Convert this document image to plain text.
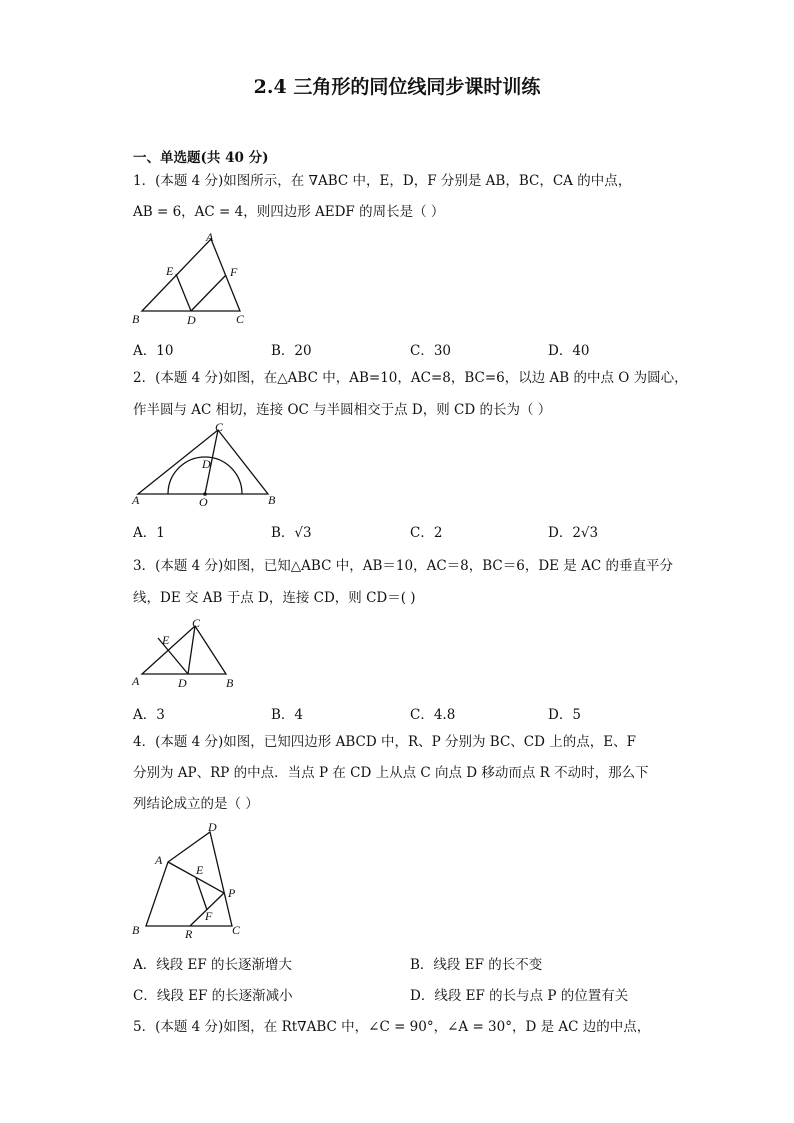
2.4 三角形的同位线同步课时训练
一、单选题(共 40 分)
1．(本题 4 分)如图所示，在 ∇ABC 中，E，D，F 分别是 AB，BC，CA 的中点，
AB = 6，AC = 4，则四边形 AEDF 的周长是（ ）
A
E	F
B	D	C
A．10	B．20	C．30	D．40
2．(本题 4 分)如图，在△ABC 中，AB=10，AC=8，BC=6，以边 AB 的中点 O 为圆心，
作半圆与 AC 相切，连接 OC 与半圆相交于点 D，则 CD 的长为（ ）
C
D
A	O	B
A．1	B．√3	C．2	D．2√3
3．(本题 4 分)如图，已知△ABC 中，AB＝10，AC＝8，BC＝6，DE 是 AC 的垂直平分
线，DE 交 AB 于点 D，连接 CD，则 CD＝( )
C
E
A	D	B
A．3	B．4	C．4.8	D．5
4．(本题 4 分)如图，已知四边形 ABCD 中，R、P 分别为 BC、CD 上的点，E、F
分别为 AP、RP 的中点．当点 P 在 CD 上从点 C 向点 D 移动而点 R 不动时，那么下
列结论成立的是（ ）
D
A
E
P
F
B	R	C
A．线段 EF 的长逐渐增大	B．线段 EF 的长不变
C．线段 EF 的长逐渐减小	D．线段 EF 的长与点 P 的位置有关
5．(本题 4 分)如图，在 Rt∇ABC 中，∠C = 90°，∠A = 30°，D 是 AC 边的中点，
